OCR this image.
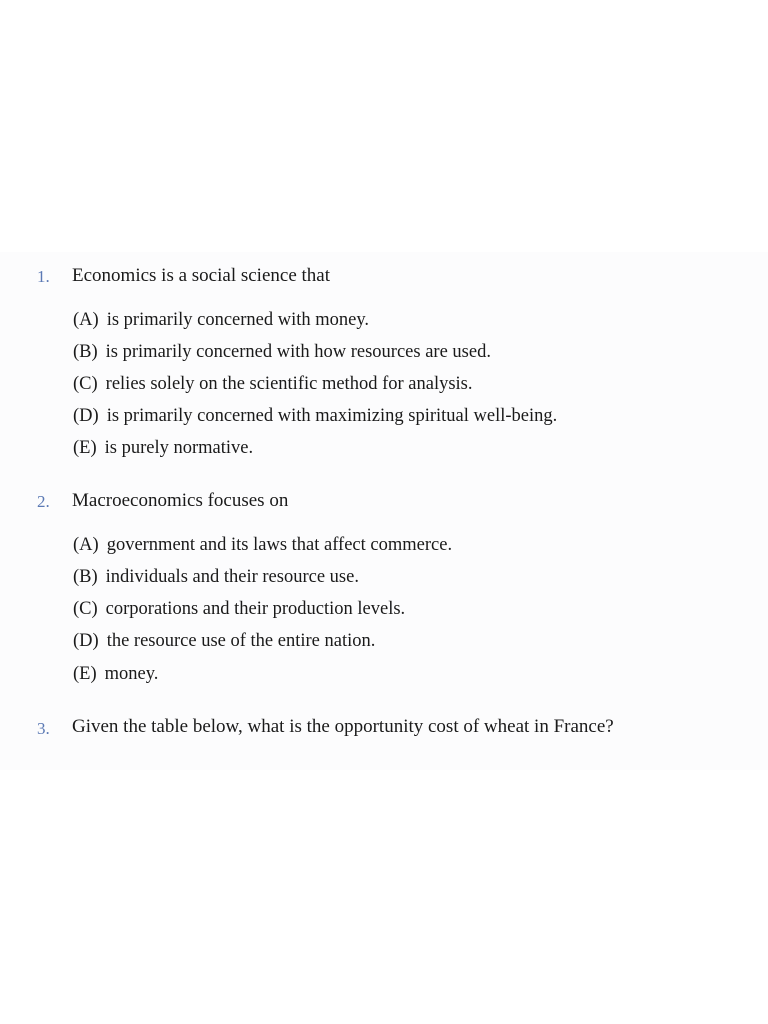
1. Economics is a social science that
(A) is primarily concerned with money.
(B) is primarily concerned with how resources are used.
(C) relies solely on the scientific method for analysis.
(D) is primarily concerned with maximizing spiritual well-being.
(E) is purely normative.
2. Macroeconomics focuses on
(A) government and its laws that affect commerce.
(B) individuals and their resource use.
(C) corporations and their production levels.
(D) the resource use of the entire nation.
(E) money.
3. Given the table below, what is the opportunity cost of wheat in France?
